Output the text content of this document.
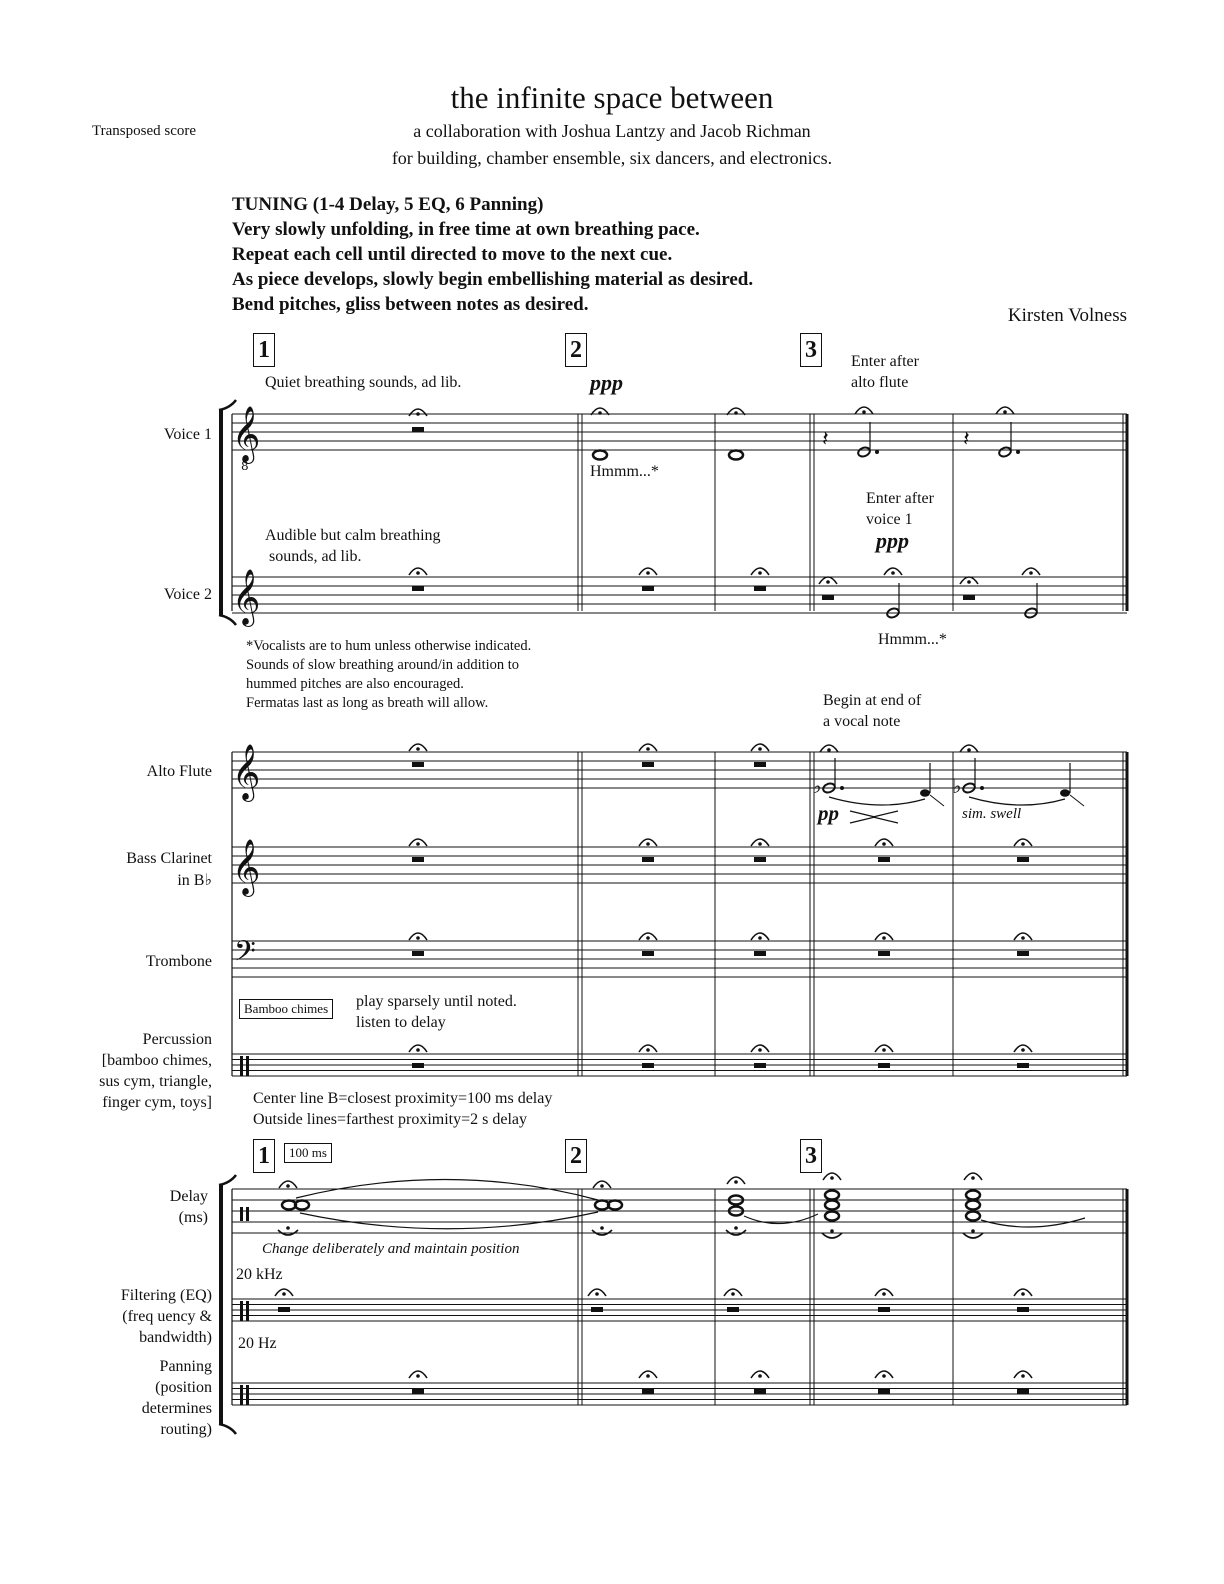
the infinite space between
a collaboration with Joshua Lantzy and Jacob Richman
for building, chamber ensemble, six dancers, and electronics.
Transposed score
TUNING (1-4 Delay, 5 EQ, 6 Panning)
Very slowly unfolding, in free time at own breathing pace.
Repeat each cell until directed to move to the next cue.
As piece develops, slowly begin embellishing material as desired.
Bend pitches, gliss between notes as desired.
Kirsten Volness
1	2	3
1	2	3
Voice 1
Voice 2
Alto Flute
Bass Clarinet
in B♭
Trombone
Percussion
[bamboo chimes,
sus cym, triangle,
finger cym, toys]
Delay
(ms)
Filtering (EQ)
(freq uency &
bandwidth)
Panning
(position
determines
routing)
Quiet breathing sounds, ad lib.	ppp
Enter after
alto flute
Hmmm...*
Audible but calm breathing
sounds, ad lib.
Enter after
voice 1
ppp
Hmmm...*
*Vocalists are to hum unless otherwise indicated.
Sounds of slow breathing around/in addition to
hummed pitches are also encouraged.
Fermatas last as long as breath will allow.	Begin at end of
a vocal note
pp	sim. swell
Bamboo chimes	play sparsely until noted.
listen to delay
Center line B=closest proximity=100 ms delay
Outside lines=farthest proximity=2 s delay
100 ms
Change deliberately and maintain position
20 kHz
20 Hz
𝄞
8
𝄞
𝄞
𝄞
𝄢
𝄽	𝄽
♭	♭
